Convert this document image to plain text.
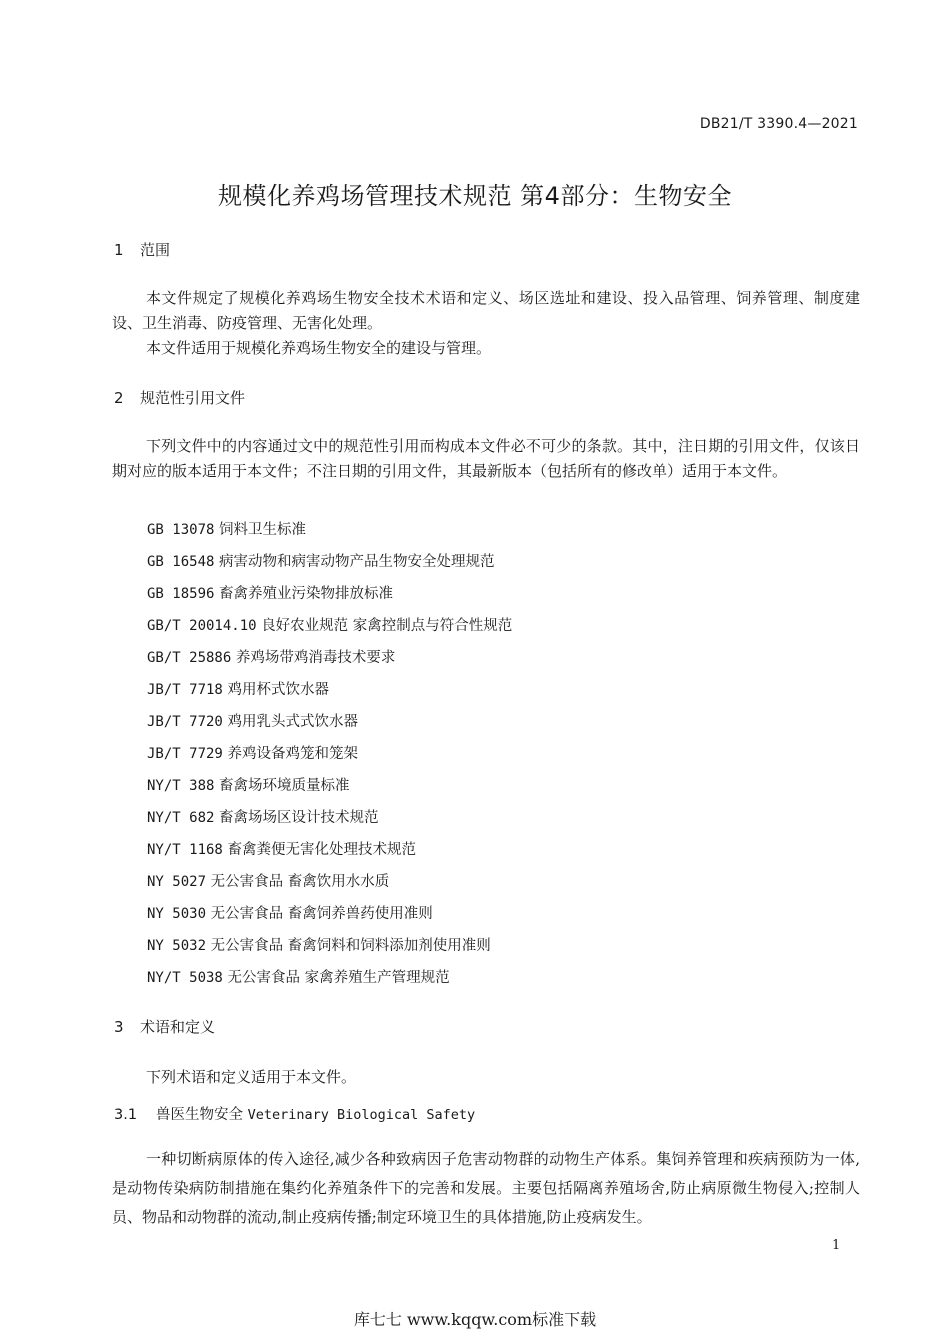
DB21/T 3390.4—2021
规模化养鸡场管理技术规范 第4部分：生物安全
1 范围
本文件规定了规模化养鸡场生物安全技术术语和定义、场区选址和建设、投入品管理、饲养管理、制度建设、卫生消毒、防疫管理、无害化处理。
本文件适用于规模化养鸡场生物安全的建设与管理。
2 规范性引用文件
下列文件中的内容通过文中的规范性引用而构成本文件必不可少的条款。其中，注日期的引用文件，仅该日期对应的版本适用于本文件；不注日期的引用文件，其最新版本（包括所有的修改单）适用于本文件。
GB 13078 饲料卫生标准
GB 16548 病害动物和病害动物产品生物安全处理规范
GB 18596 畜禽养殖业污染物排放标准
GB/T 20014.10 良好农业规范 家禽控制点与符合性规范
GB/T 25886 养鸡场带鸡消毒技术要求
JB/T 7718 鸡用杯式饮水器
JB/T 7720 鸡用乳头式式饮水器
JB/T 7729 养鸡设备鸡笼和笼架
NY/T 388 畜禽场环境质量标准
NY/T 682 畜禽场场区设计技术规范
NY/T 1168 畜禽粪便无害化处理技术规范
NY 5027 无公害食品 畜禽饮用水水质
NY 5030 无公害食品 畜禽饲养兽药使用准则
NY 5032 无公害食品 畜禽饲料和饲料添加剂使用准则
NY/T 5038 无公害食品 家禽养殖生产管理规范
3 术语和定义
下列术语和定义适用于本文件。
3.1 兽医生物安全 Veterinary Biological Safety
一种切断病原体的传入途径,减少各种致病因子危害动物群的动物生产体系。集饲养管理和疾病预防为一体,是动物传染病防制措施在集约化养殖条件下的完善和发展。主要包括隔离养殖场舍,防止病原微生物侵入;控制人员、物品和动物群的流动,制止疫病传播;制定环境卫生的具体措施,防止疫病发生。
1
库七七 www.kqqw.com标准下载
